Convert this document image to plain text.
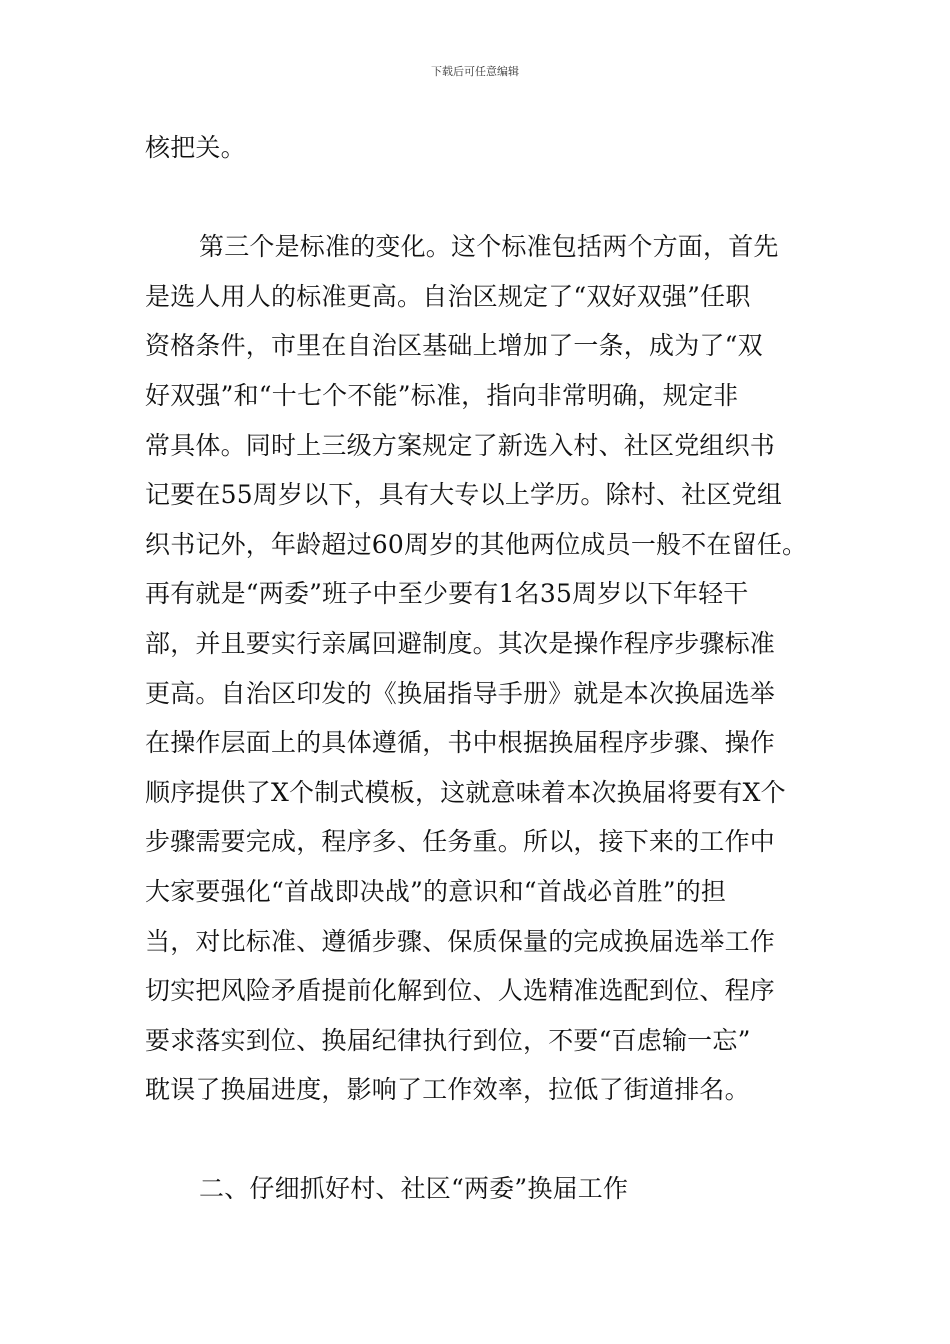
下载后可任意编辑
核把关。
第三个是标准的变化。这个标准包括两个方面，首先
是选人用人的标准更高。自治区规定了“双好双强”任职
资格条件，市里在自治区基础上增加了一条，成为了“双
好双强”和“十七个不能”标准，指向非常明确，规定非
常具体。同时上三级方案规定了新选入村、社区党组织书
记要在55周岁以下，具有大专以上学历。除村、社区党组
织书记外，年龄超过60周岁的其他两位成员一般不在留任。
再有就是“两委”班子中至少要有1名35周岁以下年轻干
部，并且要实行亲属回避制度。其次是操作程序步骤标准
更高。自治区印发的《换届指导手册》就是本次换届选举
在操作层面上的具体遵循，书中根据换届程序步骤、操作
顺序提供了X个制式模板，这就意味着本次换届将要有X个
步骤需要完成，程序多、任务重。所以，接下来的工作中
大家要强化“首战即决战”的意识和“首战必首胜”的担
当，对比标准、遵循步骤、保质保量的完成换届选举工作
切实把风险矛盾提前化解到位、人选精准选配到位、程序
要求落实到位、换届纪律执行到位，不要“百虑输一忘”
耽误了换届进度，影响了工作效率，拉低了街道排名。
二、仔细抓好村、社区“两委”换届工作
